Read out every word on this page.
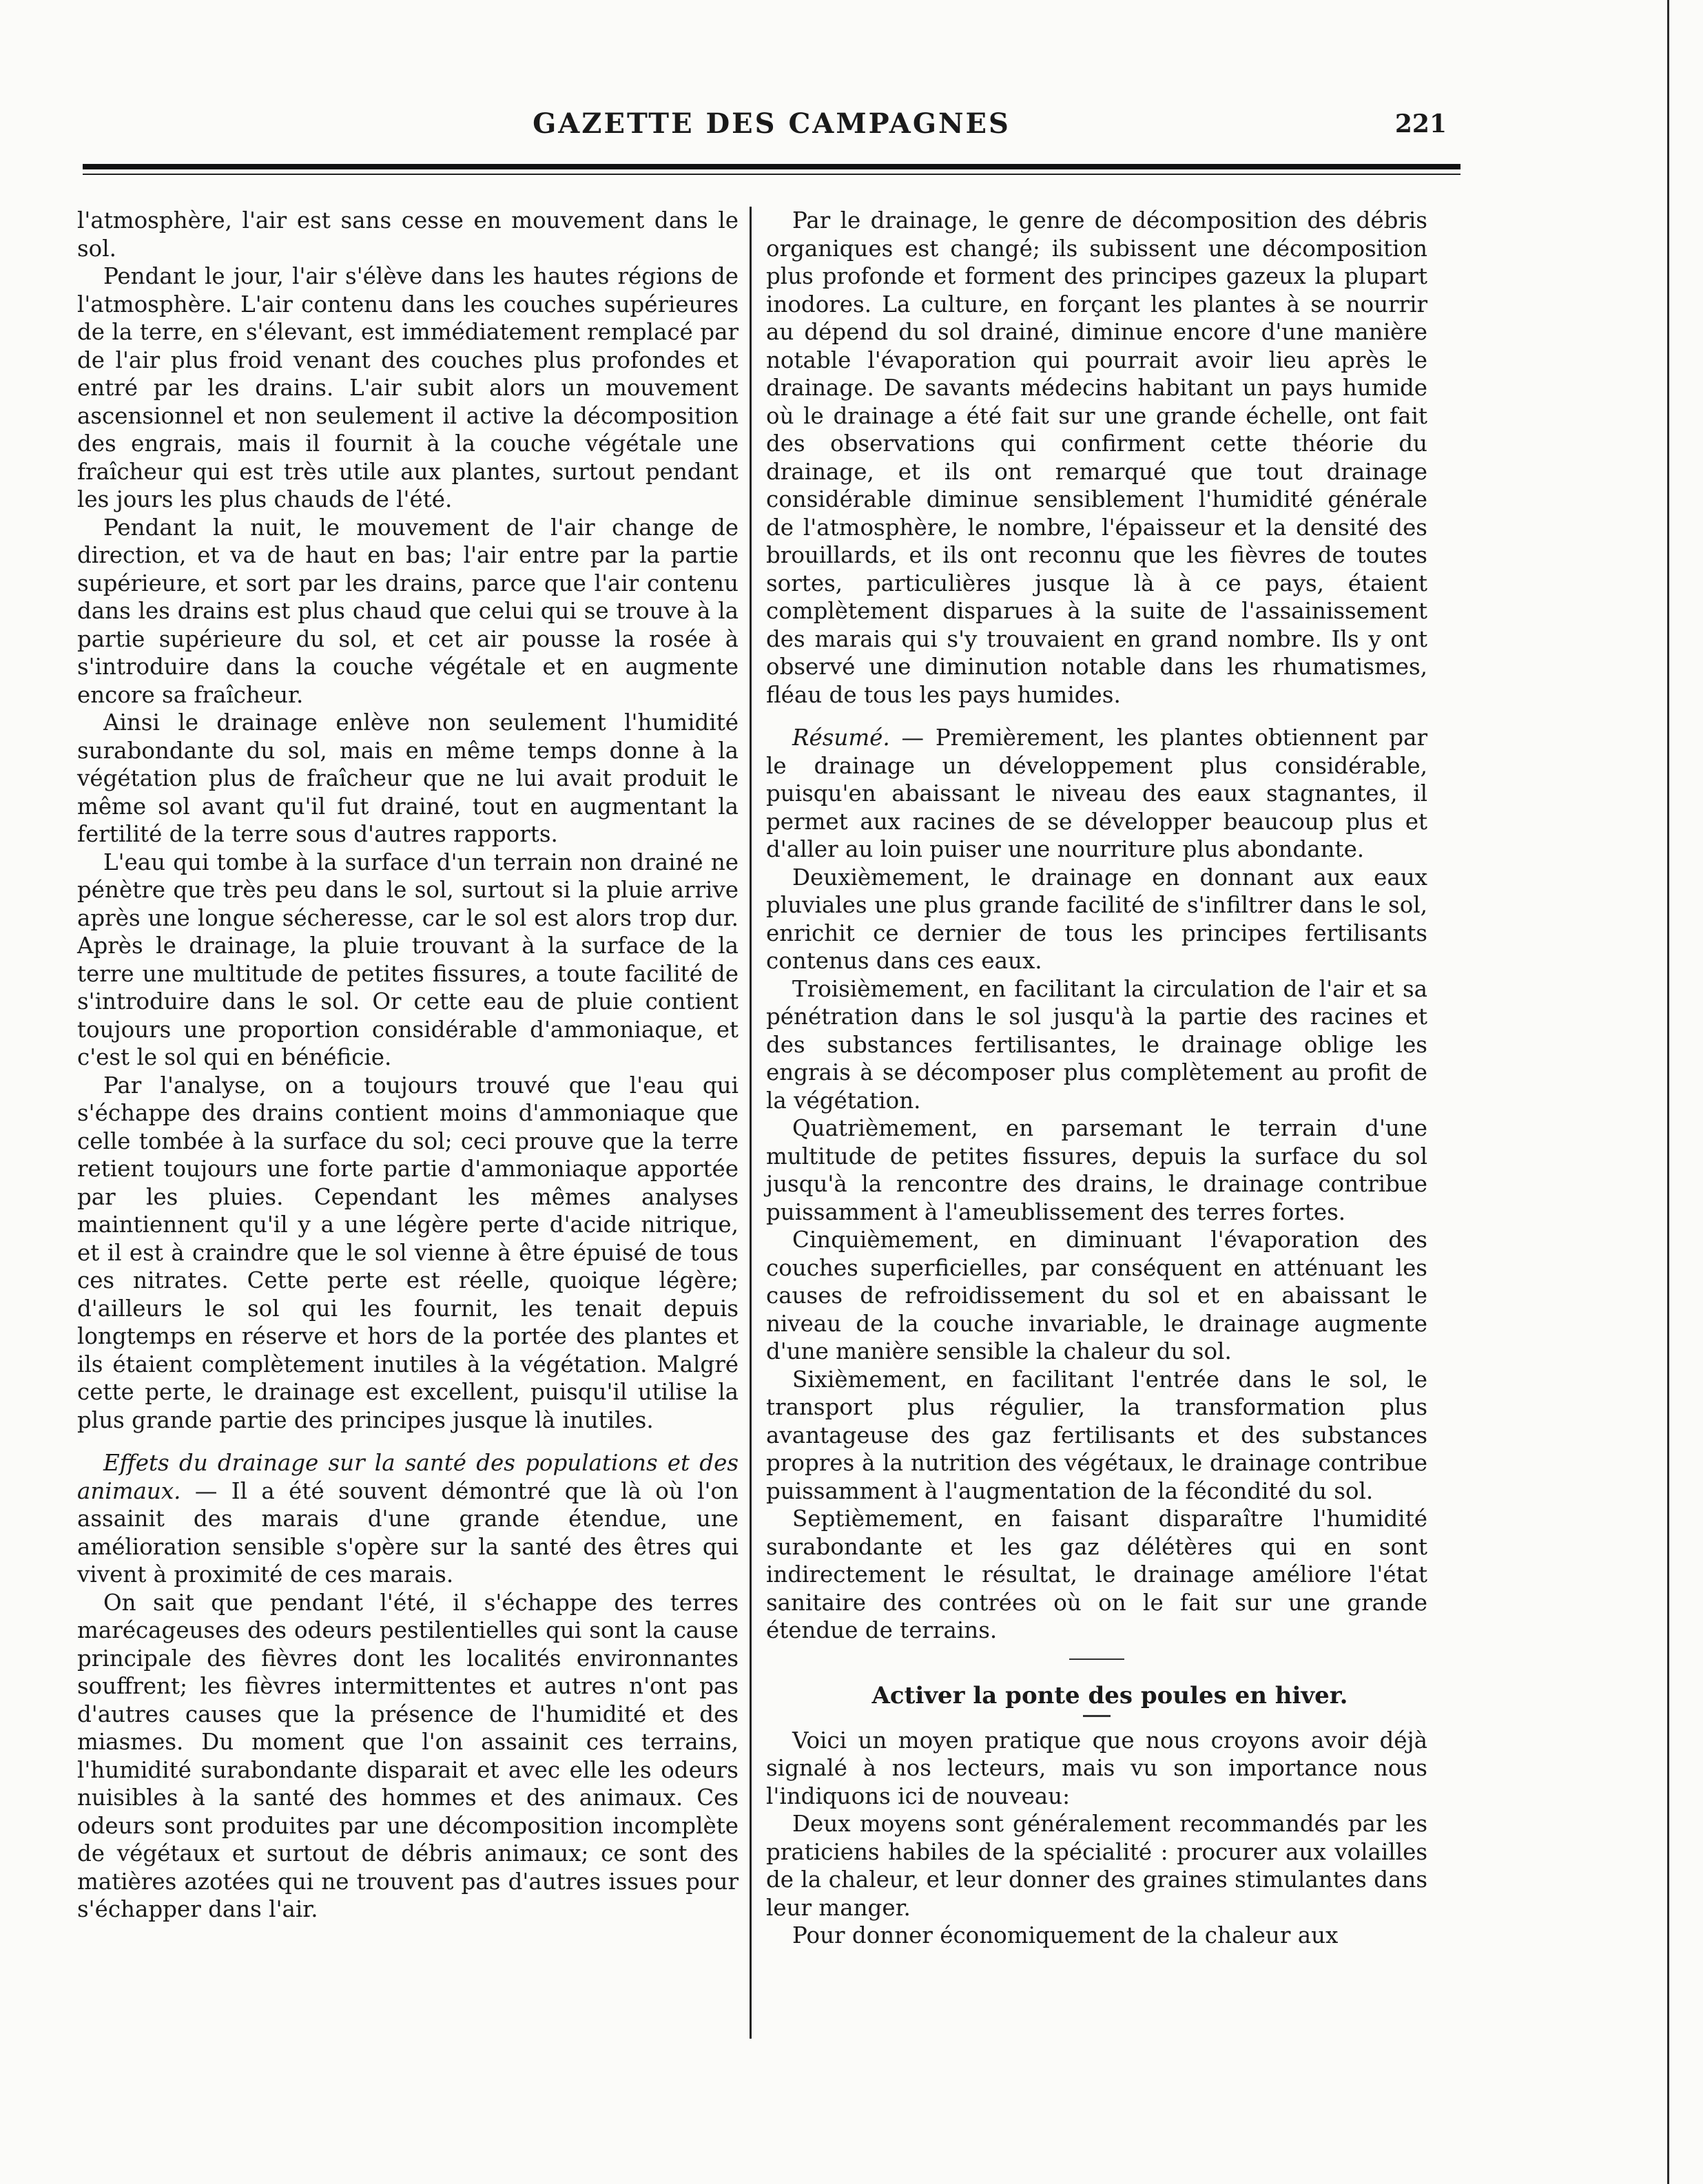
GAZETTE DES CAMPAGNES	221

l'atmosphère, l'air est sans cesse en mouvement dans le sol.

Pendant le jour, l'air s'élève dans les hautes régions de l'atmosphère. L'air contenu dans les couches supérieures de la terre, en s'élevant, est immédiatement remplacé par de l'air plus froid venant des couches plus profondes et entré par les drains. L'air subit alors un mouvement ascensionnel et non seulement il active la décomposition des engrais, mais il fournit à la couche végétale une fraîcheur qui est très utile aux plantes, surtout pendant les jours les plus chauds de l'été.

Pendant la nuit, le mouvement de l'air change de direction, et va de haut en bas; l'air entre par la partie supérieure, et sort par les drains, parce que l'air contenu dans les drains est plus chaud que celui qui se trouve à la partie supérieure du sol, et cet air pousse la rosée à s'introduire dans la couche végétale et en augmente encore sa fraîcheur.

Ainsi le drainage enlève non seulement l'humidité surabondante du sol, mais en même temps donne à la végétation plus de fraîcheur que ne lui avait produit le même sol avant qu'il fut drainé, tout en augmentant la fertilité de la terre sous d'autres rapports.

L'eau qui tombe à la surface d'un terrain non drainé ne pénètre que très peu dans le sol, surtout si la pluie arrive après une longue sécheresse, car le sol est alors trop dur. Après le drainage, la pluie trouvant à la surface de la terre une multitude de petites fissures, a toute facilité de s'introduire dans le sol. Or cette eau de pluie contient toujours une proportion considérable d'ammoniaque, et c'est le sol qui en bénéficie.

Par l'analyse, on a toujours trouvé que l'eau qui s'échappe des drains contient moins d'ammoniaque que celle tombée à la surface du sol; ceci prouve que la terre retient toujours une forte partie d'ammoniaque apportée par les pluies. Cependant les mêmes analyses maintiennent qu'il y a une légère perte d'acide nitrique, et il est à craindre que le sol vienne à être épuisé de tous ces nitrates. Cette perte est réelle, quoique légère; d'ailleurs le sol qui les fournit, les tenait depuis longtemps en réserve et hors de la portée des plantes et ils étaient complètement inutiles à la végétation. Malgré cette perte, le drainage est excellent, puisqu'il utilise la plus grande partie des principes jusque là inutiles.

Effets du drainage sur la santé des populations et des animaux. — Il a été souvent démontré que là où l'on assainit des marais d'une grande étendue, une amélioration sensible s'opère sur la santé des êtres qui vivent à proximité de ces marais.

On sait que pendant l'été, il s'échappe des terres marécageuses des odeurs pestilentielles qui sont la cause principale des fièvres dont les localités environnantes souffrent; les fièvres intermittentes et autres n'ont pas d'autres causes que la présence de l'humidité et des miasmes. Du moment que l'on assainit ces terrains, l'humidité surabondante disparait et avec elle les odeurs nuisibles à la santé des hommes et des animaux. Ces odeurs sont produites par une décomposition incomplète de végétaux et surtout de débris animaux; ce sont des matières azotées qui ne trouvent pas d'autres issues pour s'échapper dans l'air.

Par le drainage, le genre de décomposition des débris organiques est changé; ils subissent une décomposition plus profonde et forment des principes gazeux la plupart inodores. La culture, en forçant les plantes à se nourrir au dépend du sol drainé, diminue encore d'une manière notable l'évaporation qui pourrait avoir lieu après le drainage. De savants médecins habitant un pays humide où le drainage a été fait sur une grande échelle, ont fait des observations qui confirment cette théorie du drainage, et ils ont remarqué que tout drainage considérable diminue sensiblement l'humidité générale de l'atmosphère, le nombre, l'épaisseur et la densité des brouillards, et ils ont reconnu que les fièvres de toutes sortes, particulières jusque là à ce pays, étaient complètement disparues à la suite de l'assainissement des marais qui s'y trouvaient en grand nombre. Ils y ont observé une diminution notable dans les rhumatismes, fléau de tous les pays humides.

Résumé. — Premièrement, les plantes obtiennent par le drainage un développement plus considérable, puisqu'en abaissant le niveau des eaux stagnantes, il permet aux racines de se développer beaucoup plus et d'aller au loin puiser une nourriture plus abondante.

Deuxièmement, le drainage en donnant aux eaux pluviales une plus grande facilité de s'infiltrer dans le sol, enrichit ce dernier de tous les principes fertilisants contenus dans ces eaux.

Troisièmement, en facilitant la circulation de l'air et sa pénétration dans le sol jusqu'à la partie des racines et des substances fertilisantes, le drainage oblige les engrais à se décomposer plus complètement au profit de la végétation.

Quatrièmement, en parsemant le terrain d'une multitude de petites fissures, depuis la surface du sol jusqu'à la rencontre des drains, le drainage contribue puissamment à l'ameublissement des terres fortes.

Cinquièmement, en diminuant l'évaporation des couches superficielles, par conséquent en atténuant les causes de refroidissement du sol et en abaissant le niveau de la couche invariable, le drainage augmente d'une manière sensible la chaleur du sol.

Sixièmement, en facilitant l'entrée dans le sol, le transport plus régulier, la transformation plus avantageuse des gaz fertilisants et des substances propres à la nutrition des végétaux, le drainage contribue puissamment à l'augmentation de la fécondité du sol.

Septièmement, en faisant disparaître l'humidité surabondante et les gaz délétères qui en sont indirectement le résultat, le drainage améliore l'état sanitaire des contrées où on le fait sur une grande étendue de terrains.

Activer la ponte des poules en hiver.

Voici un moyen pratique que nous croyons avoir déjà signalé à nos lecteurs, mais vu son importance nous l'indiquons ici de nouveau:

Deux moyens sont généralement recommandés par les praticiens habiles de la spécialité : procurer aux volailles de la chaleur, et leur donner des graines stimulantes dans leur manger.

Pour donner économiquement de la chaleur aux
